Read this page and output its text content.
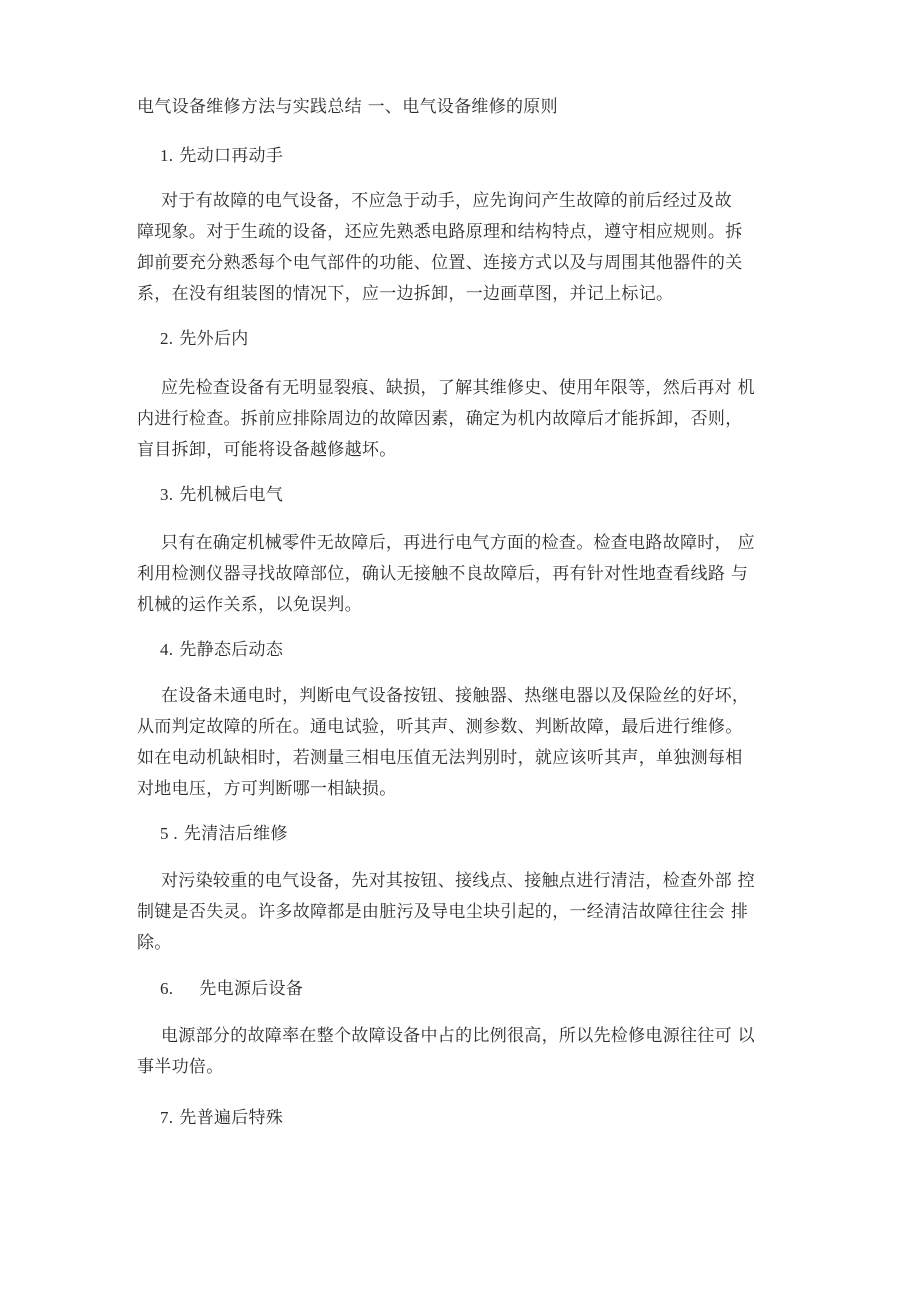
电气设备维修方法与实践总结 一、电气设备维修的原则
1. 先动口再动手
对于有故障的电气设备，不应急于动手，应先询问产生故障的前后经过及故
障现象。对于生疏的设备，还应先熟悉电路原理和结构特点，遵守相应规则。拆
卸前要充分熟悉每个电气部件的功能、位置、连接方式以及与周围其他器件的关
系，在没有组装图的情况下，应一边拆卸，一边画草图，并记上标记。
2. 先外后内
应先检查设备有无明显裂痕、缺损，了解其维修史、使用年限等，然后再对 机
内进行检查。拆前应排除周边的故障因素，确定为机内故障后才能拆卸，否则，
盲目拆卸，可能将设备越修越坏。
3. 先机械后电气
只有在确定机械零件无故障后，再进行电气方面的检查。检查电路故障时， 应
利用检测仪器寻找故障部位，确认无接触不良故障后，再有针对性地查看线路 与
机械的运作关系，以免误判。
4. 先静态后动态
在设备未通电时，判断电气设备按钮、接触器、热继电器以及保险丝的好坏，
从而判定故障的所在。通电试验，听其声、测参数、判断故障，最后进行维修。
如在电动机缺相时，若测量三相电压值无法判别时，就应该听其声，单独测每相
对地电压，方可判断哪一相缺损。
5 . 先清洁后维修
对污染较重的电气设备，先对其按钮、接线点、接触点进行清洁，检查外部 控
制键是否失灵。许多故障都是由脏污及导电尘块引起的，一经清洁故障往往会 排
除。
6. 先电源后设备
电源部分的故障率在整个故障设备中占的比例很高，所以先检修电源往往可 以
事半功倍。
7. 先普遍后特殊
